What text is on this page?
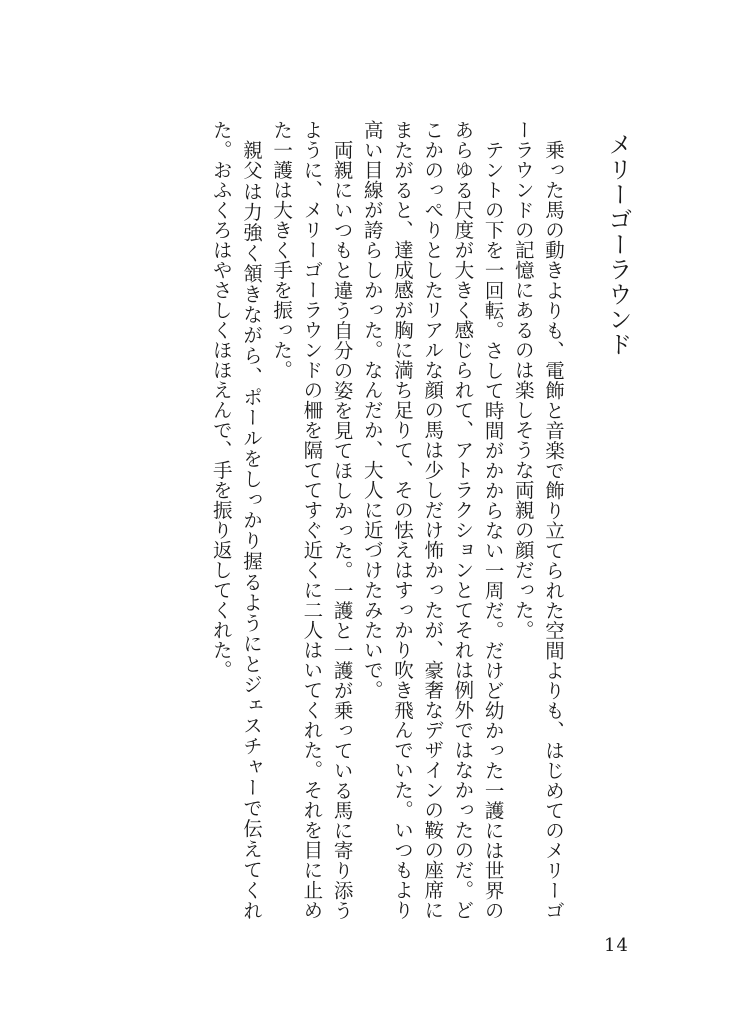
メリーゴーラウンド

乗った馬の動きよりも、電飾と音楽で飾り立てられた空間よりも、はじめてのメリーゴーラウンドの記憶にあるのは楽しそうな両親の顔だった。

テントの下を一回転。さして時間がかからない一周だ。だけど幼かった一護には世界のあらゆる尺度が大きく感じられて、アトラクションとてそれは例外ではなかったのだ。どこかのっぺりとしたリアルな顔の馬は少しだけ怖かったが、豪奢なデザインの鞍の座席にまたがると、達成感が胸に満ち足りて、その怯えはすっかり吹き飛んでいた。いつもより高い目線が誇らしかった。なんだか、大人に近づけたみたいで。

両親にいつもと違う自分の姿を見てほしかった。一護と一護が乗っている馬に寄り添うように、メリーゴーラウンドの柵を隔ててすぐ近くに二人はいてくれた。それを目に止めた一護は大きく手を振った。

親父は力強く頷きながら、ポールをしっかり握るようにとジェスチャーで伝えてくれた。おふくろはやさしくほほえんで、手を振り返してくれた。

14
